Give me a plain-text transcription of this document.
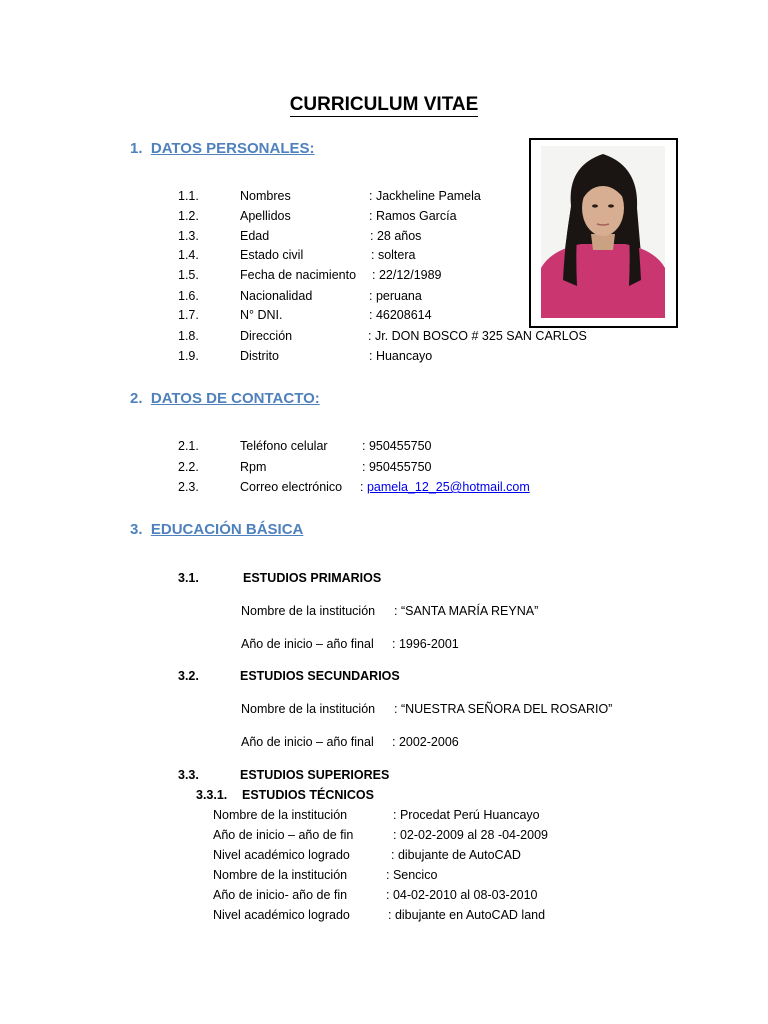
CURRICULUM VITAE
1. DATOS PERSONALES:
1.1.	Nombres	: Jackheline Pamela
1.2.	Apellidos	: Ramos García
1.3.	Edad	: 28 años
1.4.	Estado civil	: soltera
1.5.	Fecha de nacimiento : 22/12/1989
1.6.	Nacionalidad	: peruana
1.7.	N° DNI.	: 46208614
1.8.	Dirección	: Jr. DON BOSCO # 325 SAN CARLOS
1.9.	Distrito	: Huancayo
2. DATOS DE CONTACTO:
2.1.	Teléfono celular	: 950455750
2.2.	Rpm	: 950455750
2.3.	Correo electrónico : pamela_12_25@hotmail.com
3. EDUCACIÓN BÁSICA
3.1.	ESTUDIOS PRIMARIOS
Nombre de la institución : “SANTA MARÍA REYNA”
Año de inicio – año final : 1996-2001
3.2.	ESTUDIOS SECUNDARIOS
Nombre de la institución : “NUESTRA SEÑORA DEL ROSARIO”
Año de inicio – año final : 2002-2006
3.3.	ESTUDIOS SUPERIORES
3.3.1. ESTUDIOS TÉCNICOS
Nombre de la institución	: Procedat Perú Huancayo
Año de inicio – año de fin	: 02-02-2009 al 28 -04-2009
Nivel académico logrado	: dibujante de AutoCAD
Nombre de la institución	: Sencico
Año de inicio- año de fin	: 04-02-2010 al 08-03-2010
Nivel académico logrado	: dibujante en AutoCAD land
